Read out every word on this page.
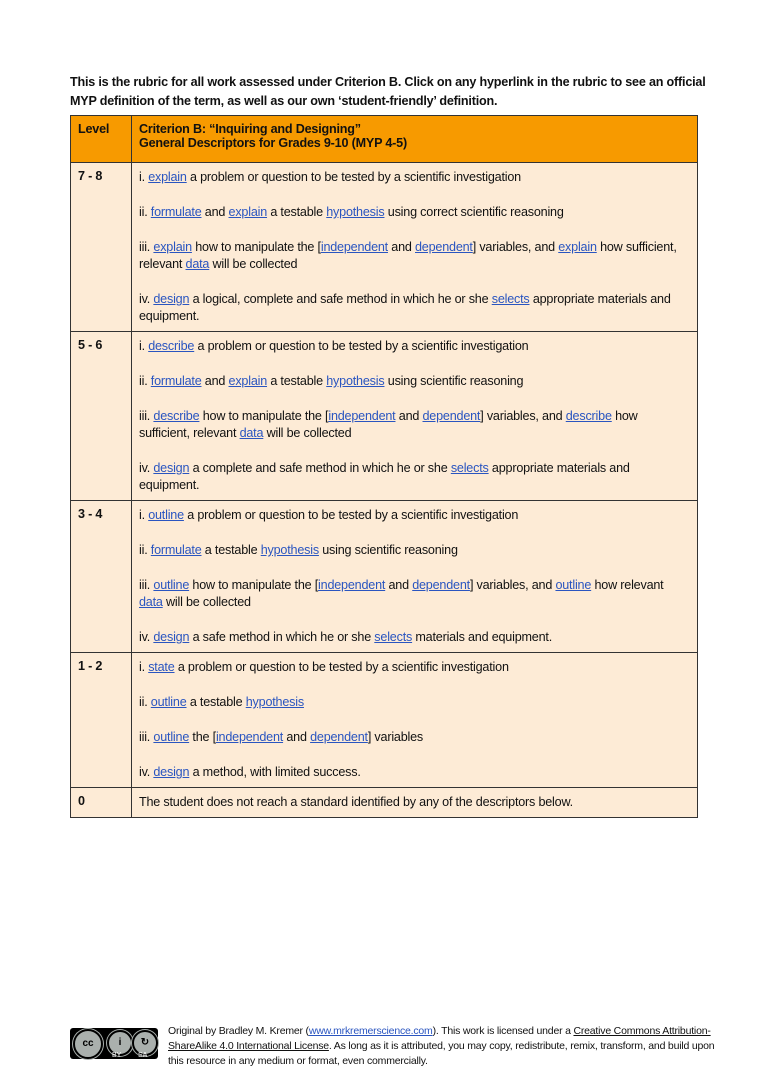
This is the rubric for all work assessed under Criterion B. Click on any hyperlink in the rubric to see an official MYP definition of the term, as well as our own ‘student-friendly’ definition.
Level	Criterion B: “Inquiring and Designing”
General Descriptors for Grades 9-10 (MYP 4-5)

7 - 8	i. explain a problem or question to be tested by a scientific investigation
ii. formulate and explain a testable hypothesis using correct scientific reasoning
iii. explain how to manipulate the [independent and dependent] variables, and explain how sufficient, relevant data will be collected
iv. design a logical, complete and safe method in which he or she selects appropriate materials and equipment.

5 - 6	i. describe a problem or question to be tested by a scientific investigation
ii. formulate and explain a testable hypothesis using scientific reasoning
iii. describe how to manipulate the [independent and dependent] variables, and describe how sufficient, relevant data will be collected
iv. design a complete and safe method in which he or she selects appropriate materials and equipment.

3 - 4	i. outline a problem or question to be tested by a scientific investigation
ii. formulate a testable hypothesis using scientific reasoning
iii. outline how to manipulate the [independent and dependent] variables, and outline how relevant data will be collected
iv. design a safe method in which he or she selects materials and equipment.

1 - 2	i. state a problem or question to be tested by a scientific investigation
ii. outline a testable hypothesis
iii. outline the [independent and dependent] variables
iv. design a method, with limited success.

0	The student does not reach a standard identified by any of the descriptors below.
cc	i	↻
BY SA
Original by Bradley M. Kremer (www.mrkremerscience.com). This work is licensed under a Creative Commons Attribution-ShareAlike 4.0 International License. As long as it is attributed, you may copy, redistribute, remix, transform, and build upon this resource in any medium or format, even commercially.
